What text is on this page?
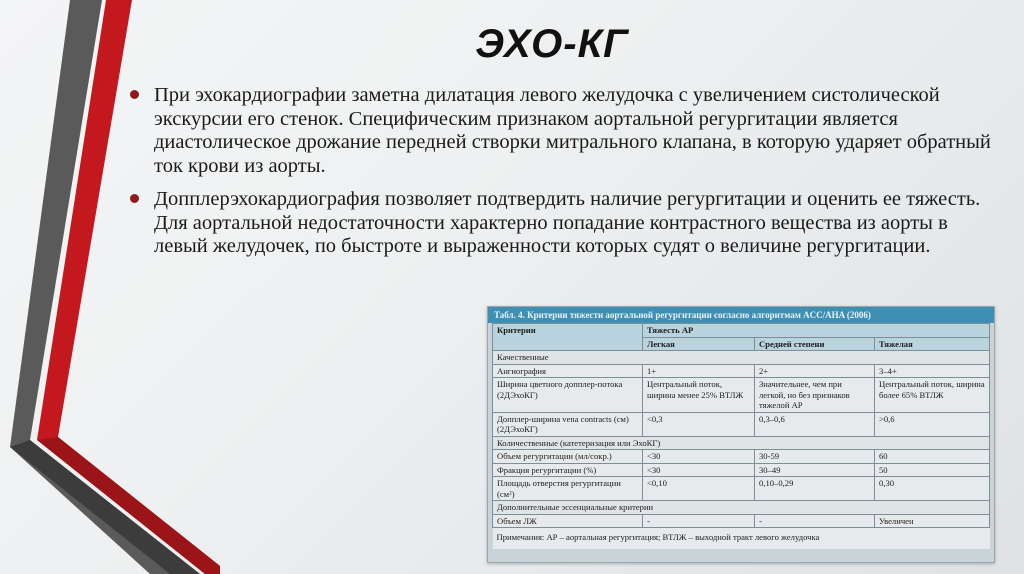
ЭХО-КГ
При эхокардиографии заметна дилатация левого желудочка с увеличением систолической экскурсии его стенок. Специфическим признаком аортальной регургитации является диастолическое дрожание передней створки митрального клапана, в которую ударяет обратный ток крови из аорты.
Допплерэхокардиография позволяет подтвердить наличие регургитации и оценить ее тяжесть. Для аортальной недостаточности характерно попадание контрастного вещества из аорты в левый желудочек, по быстроте и выраженности которых судят о величине регургитации.
Табл. 4. Критерии тяжести аортальной регургитации согласно алгоритмам ACC/AHA (2006)
Критерии	Тяжесть АР		
	Легкая	Средней степени	Тяжелая
Качественные			
Ангиография	1+	2+	3–4+
Ширина цветного допплер-потока (2ДЭхоКГ)	Центральный поток, ширина менее 25% ВТЛЖ	Значительнее, чем при легкой, но без признаков тяжелой АР	Центральный поток, ширина более 65% ВТЛЖ
Допплер-ширина vena contracts (см) (2ДЭхоКГ)	<0,3	0,3–0,6	>0,6
Количественные (катетеризация или ЭхоКГ)			
Объем регургитации (мл/сокр.)	<30	30-59	60
Фракция регургитации (%)	<30	30–49	50
Площадь отверстия регургитации (см²)	<0,10	0,10–0,29	0,30
Дополнительные эссенциальные критерии			
Объем ЛЖ	-	-	Увеличен
Примечания: АР – аортальная регургитация; ВТЛЖ – выходной тракт левого желудочка			
